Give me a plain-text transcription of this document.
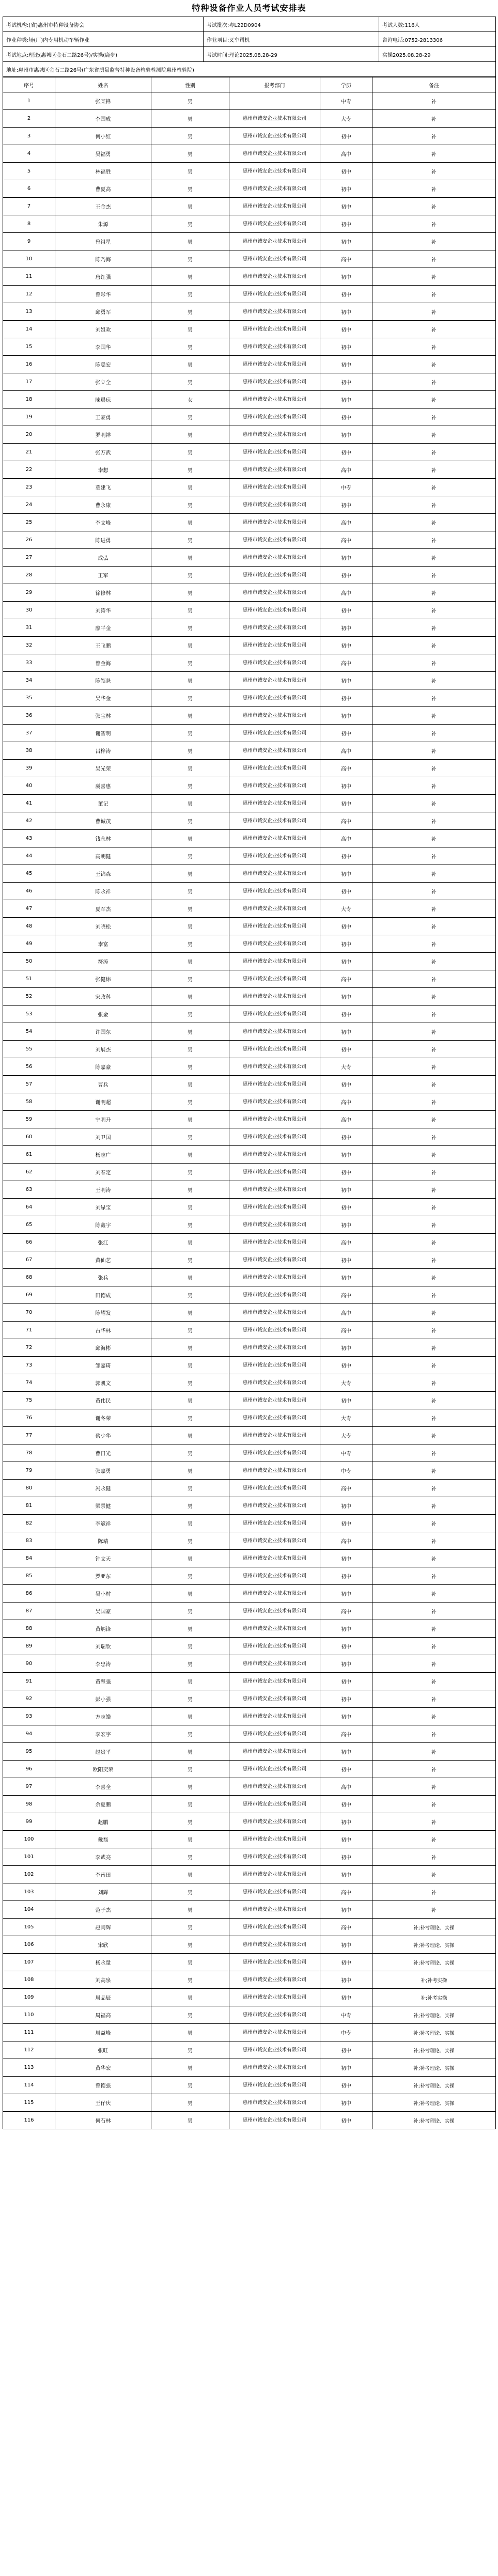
特种设备作业人员考试安排表
考试机构:(省)惠州市特种设备协会	考试批次:粤L22D0904	考试人数:116人
作业种类:场(厂)内专用机动车辆作业	作业项目:叉车司机	咨询电话:0752-2813306
考试地点:理论(惠城区金石二路26号)/实操(鹿步)	考试时间:理论2025.08.28-29	实操2025.08.28-29
地址:惠州市惠城区金石二路26号(广东省质量监督特种设备检验检测院惠州检验院)		
序号	姓名	性别	报考部门	学历	备注
1	张某锋	男		中专	补
2	李国成	男	惠州市诚安企业技术有限公司	大专	补
3	何小红	男	惠州市诚安企业技术有限公司	初中	补
4	吴福勇	男	惠州市诚安企业技术有限公司	高中	补
5	林福胜	男	惠州市诚安企业技术有限公司	初中	补
6	曹夏高	男	惠州市诚安企业技术有限公司	初中	补
7	王金杰	男	惠州市诚安企业技术有限公司	初中	补
8	朱源	男	惠州市诚安企业技术有限公司	初中	补
9	曾祖星	男	惠州市诚安企业技术有限公司	初中	补
10	陈乃海	男	惠州市诚安企业技术有限公司	高中	补
11	唐红强	男	惠州市诚安企业技术有限公司	初中	补
12	曾彩华	男	惠州市诚安企业技术有限公司	初中	补
13	邱勇军	男	惠州市诚安企业技术有限公司	初中	补
14	刘姐欢	男	惠州市诚安企业技术有限公司	初中	补
15	李国华	男	惠州市诚安企业技术有限公司	初中	补
16	陈聪宏	男	惠州市诚安企业技术有限公司	初中	补
17	张立全	男	惠州市诚安企业技术有限公司	初中	补
18	陳晨琼	女	惠州市诚安企业技术有限公司	初中	补
19	王豪勇	男	惠州市诚安企业技术有限公司	初中	补
20	罗明祥	男	惠州市诚安企业技术有限公司	初中	补
21	张万武	男	惠州市诚安企业技术有限公司	初中	补
22	李想	男	惠州市诚安企业技术有限公司	高中	补
23	莫建飞	男	惠州市诚安企业技术有限公司	中专	补
24	曹永康	男	惠州市诚安企业技术有限公司	初中	补
25	李文峰	男	惠州市诚安企业技术有限公司	高中	补
26	陈进勇	男	惠州市诚安企业技术有限公司	高中	补
27	成弘	男	惠州市诚安企业技术有限公司	初中	补
28	王军	男	惠州市诚安企业技术有限公司	初中	补
29	徐修林	男	惠州市诚安企业技术有限公司	高中	补
30	刘涛华	男	惠州市诚安企业技术有限公司	初中	补
31	廖平金	男	惠州市诚安企业技术有限公司	初中	补
32	王飞鹏	男	惠州市诚安企业技术有限公司	初中	补
33	曾金海	男	惠州市诚安企业技术有限公司	高中	补
34	陈领魁	男	惠州市诚安企业技术有限公司	初中	补
35	吴华金	男	惠州市诚安企业技术有限公司	初中	补
36	张宝林	男	惠州市诚安企业技术有限公司	初中	补
37	谢智明	男	惠州市诚安企业技术有限公司	初中	补
38	吕梓涛	男	惠州市诚安企业技术有限公司	高中	补
39	吴光荣	男	惠州市诚安企业技术有限公司	高中	补
40	虞喜惠	男	惠州市诚安企业技术有限公司	初中	补
41	董记	男	惠州市诚安企业技术有限公司	初中	补
42	曹诚茂	男	惠州市诚安企业技术有限公司	高中	补
43	钱永林	男	惠州市诚安企业技术有限公司	高中	补
44	高朝健	男	惠州市诚安企业技术有限公司	初中	补
45	王锦森	男	惠州市诚安企业技术有限公司	初中	补
46	陈永祥	男	惠州市诚安企业技术有限公司	初中	补
47	夏军杰	男	惠州市诚安企业技术有限公司	大专	补
48	刘晓松	男	惠州市诚安企业技术有限公司	初中	补
49	李富	男	惠州市诚安企业技术有限公司	初中	补
50	符涛	男	惠州市诚安企业技术有限公司	初中	补
51	张健炜	男	惠州市诚安企业技术有限公司	高中	补
52	宋政科	男	惠州市诚安企业技术有限公司	初中	补
53	张金	男	惠州市诚安企业技术有限公司	初中	补
54	许国东	男	惠州市诚安企业技术有限公司	初中	补
55	刘展杰	男	惠州市诚安企业技术有限公司	初中	补
56	陈嘉豪	男	惠州市诚安企业技术有限公司	大专	补
57	曹兵	男	惠州市诚安企业技术有限公司	初中	补
58	谢明超	男	惠州市诚安企业技术有限公司	高中	补
59	宁明升	男	惠州市诚安企业技术有限公司	高中	补
60	刘卫国	男	惠州市诚安企业技术有限公司	初中	补
61	杨志广	男	惠州市诚安企业技术有限公司	初中	补
62	刘春定	男	惠州市诚安企业技术有限公司	初中	补
63	王明涛	男	惠州市诚安企业技术有限公司	初中	补
64	刘绿宝	男	惠州市诚安企业技术有限公司	初中	补
65	陈鑫宇	男	惠州市诚安企业技术有限公司	初中	补
66	张江	男	惠州市诚安企业技术有限公司	高中	补
67	黄仙艺	男	惠州市诚安企业技术有限公司	初中	补
68	张兵	男	惠州市诚安企业技术有限公司	初中	补
69	田德成	男	惠州市诚安企业技术有限公司	高中	补
70	陈耀发	男	惠州市诚安企业技术有限公司	高中	补
71	古华林	男	惠州市诚安企业技术有限公司	高中	补
72	邱海彬	男	惠州市诚安企业技术有限公司	初中	补
73	邹嘉琦	男	惠州市诚安企业技术有限公司	初中	补
74	郭凯文	男	惠州市诚安企业技术有限公司	大专	补
75	黄伟民	男	惠州市诚安企业技术有限公司	初中	补
76	谢冬荣	男	惠州市诚安企业技术有限公司	大专	补
77	蔡少华	男	惠州市诚安企业技术有限公司	大专	补
78	曹日光	男	惠州市诚安企业技术有限公司	中专	补
79	张嘉勇	男	惠州市诚安企业技术有限公司	中专	补
80	冯永健	男	惠州市诚安企业技术有限公司	高中	补
81	梁景健	男	惠州市诚安企业技术有限公司	初中	补
82	李斌祥	男	惠州市诚安企业技术有限公司	初中	补
83	陈靖	男	惠州市诚安企业技术有限公司	高中	补
84	钟文天	男	惠州市诚安企业技术有限公司	初中	补
85	罗亚东	男	惠州市诚安企业技术有限公司	初中	补
86	吴小村	男	惠州市诚安企业技术有限公司	初中	补
87	吴国豪	男	惠州市诚安企业技术有限公司	高中	补
88	黄炳锋	男	惠州市诚安企业技术有限公司	初中	补
89	刘瑞欣	男	惠州市诚安企业技术有限公司	初中	补
90	李忠涛	男	惠州市诚安企业技术有限公司	初中	补
91	黄坚强	男	惠州市诚安企业技术有限公司	初中	补
92	彭小强	男	惠州市诚安企业技术有限公司	初中	补
93	方志皓	男	惠州市诚安企业技术有限公司	初中	补
94	李宏宇	男	惠州市诚安企业技术有限公司	高中	补
95	赵贵平	男	惠州市诚安企业技术有限公司	初中	补
96	欧阳奕荣	男	惠州市诚安企业技术有限公司	初中	补
97	李喜全	男	惠州市诚安企业技术有限公司	高中	补
98	余夏鹏	男	惠州市诚安企业技术有限公司	初中	补
99	赵鹏	男	惠州市诚安企业技术有限公司	初中	补
100	戴磊	男	惠州市诚安企业技术有限公司	初中	补
101	李武亮	男	惠州市诚安企业技术有限公司	初中	补
102	李南田	男	惠州市诚安企业技术有限公司	初中	补
103	刘辉	男	惠州市诚安企业技术有限公司	高中	补
104	范子杰	男	惠州市诚安企业技术有限公司	初中	补
105	赵闽辉	男	惠州市诚安企业技术有限公司	高中	补;补考理论、实操
106	宋欣	男	惠州市诚安企业技术有限公司	初中	补;补考理论、实操
107	杨永量	男	惠州市诚安企业技术有限公司	初中	补;补考理论、实操
108	刘高泉	男	惠州市诚安企业技术有限公司	初中	补;补考实操
109	周品辰	男	惠州市诚安企业技术有限公司	初中	补;补考实操
110	周福高	男	惠州市诚安企业技术有限公司	中专	补;补考理论、实操
111	周益峰	男	惠州市诚安企业技术有限公司	中专	补;补考理论、实操
112	张旺	男	惠州市诚安企业技术有限公司	初中	补;补考理论、实操
113	黄华宏	男	惠州市诚安企业技术有限公司	初中	补;补考理论、实操
114	曾德强	男	惠州市诚安企业技术有限公司	初中	补;补考理论、实操
115	王仔庆	男	惠州市诚安企业技术有限公司	初中	补;补考理论、实操
116	何石林	男	惠州市诚安企业技术有限公司	初中	补;补考理论、实操
